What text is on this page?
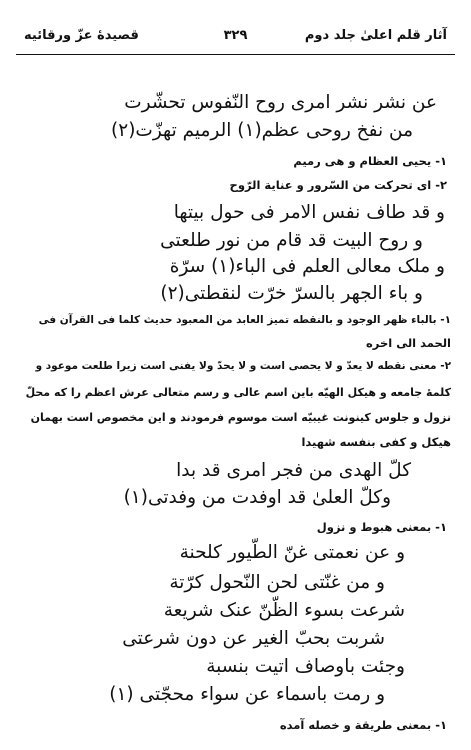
آثار قلم اعلیٰ جلد دوم
۳۲۹
قصیدهٔ عزّ ورقائیه
عن نشر نشر امری روح النّفوس تحشّرت
من نفخ روحی عظم(۱) الرمیم تهزّت(۲)
۱- یحیی العظام و هی رمیم
۲- ای تحرکت من السّرور و عنایة الرّوح
و قد طاف نفس الامر فی حول بیتها
و روح البیت قد قام من نور طلعتی
و ملک معالی العلم فی الباء(۱) سرّة
و باء الجهر بالسرّ خرّت لنقطتی(۲)
۱- بالباء ظهر الوجود و بالنقطه تمیز العابد من المعبود حدیث کلما فی القرآن فی
الحمد الی اخره
۲- معنی نقطه لا یعدّ و لا یحصی است و لا یحدّ ولا یفنی است زیرا طلعت موعود و
کلمهٔ جامعه و هیکل الهیّه باین اسم عالی و رسم متعالی عرش اعظم را که محلّ
نزول و جلوس کینونت غیبیّه است موسوم فرمودند و این مخصوص است بهمان
هیکل و کفی بنفسه شهیدا
کلّ الهدی من فجر امری قد بدا
وکلّ العلیٰ قد اوفدت من وفدتی(۱)
۱- بمعنی هبوط و نزول
و عن نعمتی غنّ الطّیور کلحنة
و من غنّتی لحن النّحول کرّتة
شرعت بسوء الظّنّ عنک شریعة
شربت بحبّ الغیر عن دون شرعتی
وجئت باوصاف اتیت بنسبة
و رمت باسماء عن سواء محجّتی (۱)
۱- بمعنی طریقة و خصله آمده
